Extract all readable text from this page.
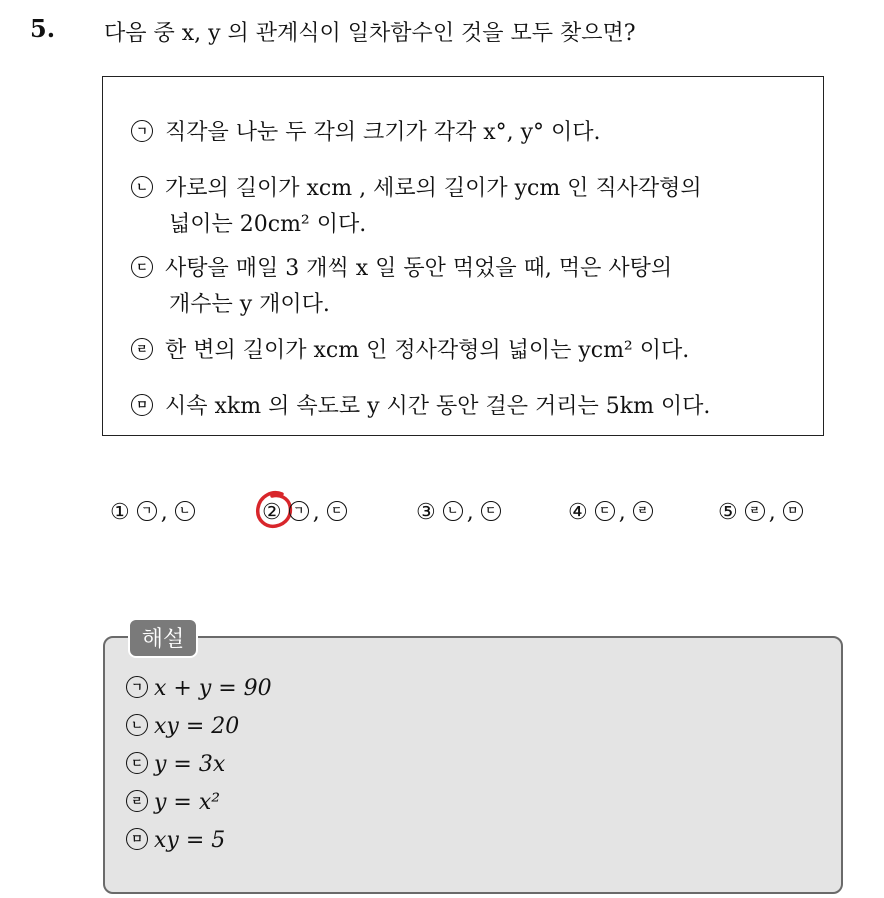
5. 다음 중 x, y 의 관계식이 일차함수인 것을 모두 찾으면?
ㄱ 직각을 나눈 두 각의 크기가 각각 x°, y° 이다.
ㄴ 가로의 길이가 xcm , 세로의 길이가 ycm 인 직사각형의
넓이는 20cm² 이다.
ㄷ 사탕을 매일 3 개씩 x 일 동안 먹었을 때, 먹은 사탕의
개수는 y 개이다.
ㄹ 한 변의 길이가 xcm 인 정사각형의 넓이는 ycm² 이다.
ㅁ 시속 xkm 의 속도로 y 시간 동안 걸은 거리는 5km 이다.
① ㄱ , ㄴ	② ㄱ , ㄷ	③ ㄴ , ㄷ	④ ㄷ , ㄹ	⑤ ㄹ , ㅁ
해설
ㄱ x + y = 90
ㄴ xy = 20
ㄷ y = 3x
ㄹ y = x²
ㅁ xy = 5
